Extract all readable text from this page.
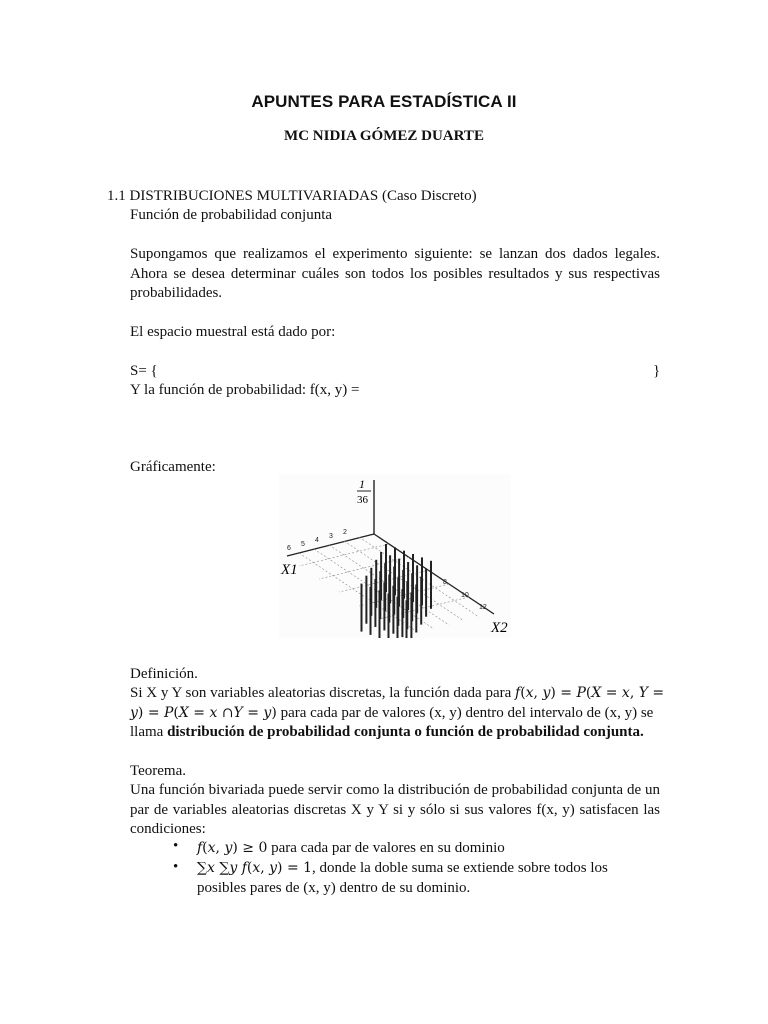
APUNTES PARA ESTADÍSTICA II
MC NIDIA GÓMEZ DUARTE
1.1 DISTRIBUCIONES MULTIVARIADAS (Caso Discreto)
Función de probabilidad conjunta
Supongamos que realizamos el experimento siguiente: se lanzan dos dados legales. Ahora se desea determinar cuáles son todos los posibles resultados y sus respectivas probabilidades.
El espacio muestral está dado por:
S= {	}
Y la función de probabilidad: f(x, y) =
Gráficamente:
1
36
X1
X2
6
5
4
3
2
8
10
12
Definición.
Si X y Y son variables aleatorias discretas, la función dada para 𝑓(𝑥, 𝑦) = 𝑃(𝑋 = 𝑥, 𝑌 =
𝑦) = 𝑃(𝑋 = 𝑥 ∩𝑌 = 𝑦) para cada par de valores (x, y) dentro del intervalo de (x, y) se
llama distribución de probabilidad conjunta o función de probabilidad conjunta.
Teorema.
Una función bivariada puede servir como la distribución de probabilidad conjunta de un par de variables aleatorias discretas X y Y si y sólo si sus valores f(x, y) satisfacen las condiciones:
• 𝑓(𝑥, 𝑦) ≥ 0 para cada par de valores en su dominio
• ∑𝑥 ∑𝑦 𝑓(𝑥, 𝑦) = 1, donde la doble suma se extiende sobre todos los
posibles pares de (x, y) dentro de su dominio.
